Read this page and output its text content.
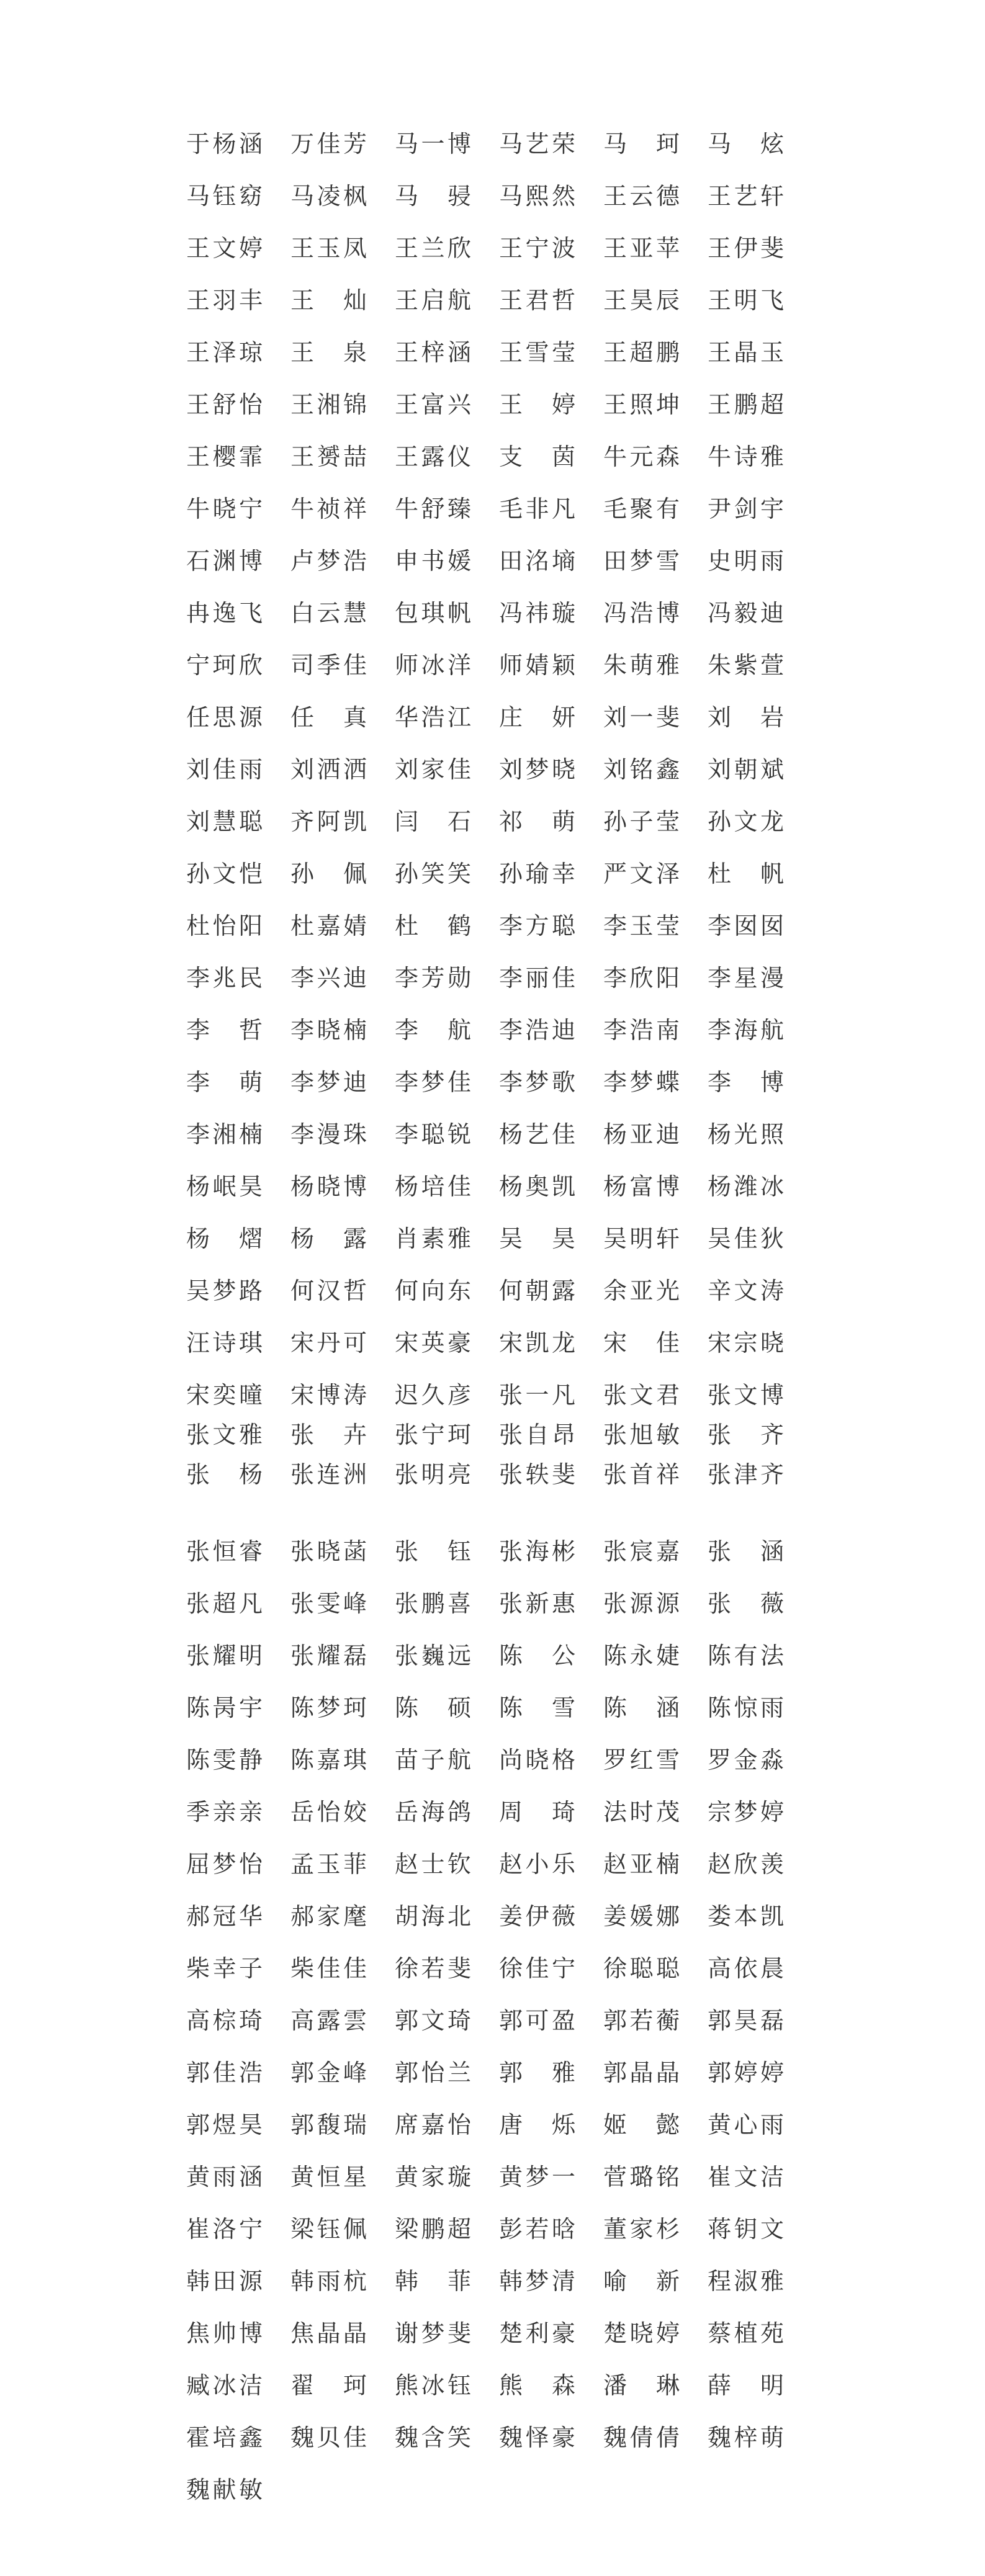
于杨涵 万佳芳 马一博 马艺荣 马　珂 马　炫
马钰窈 马凌枫 马　骎 马熙然 王云德 王艺轩
王文婷 王玉凤 王兰欣 王宁波 王亚苹 王伊斐
王羽丰 王　灿 王启航 王君哲 王昊辰 王明飞
王泽琼 王　泉 王梓涵 王雪莹 王超鹏 王晶玉
王舒怡 王湘锦 王富兴 王　婷 王照坤 王鹏超
王樱霏 王赟喆 王露仪 支　茵 牛元森 牛诗雅
牛晓宁 牛祯祥 牛舒臻 毛非凡 毛聚有 尹剑宇
石渊博 卢梦浩 申书媛 田洺墒 田梦雪 史明雨
冉逸飞 白云慧 包琪帆 冯祎璇 冯浩博 冯毅迪
宁珂欣 司季佳 师冰洋 师婧颖 朱萌雅 朱紫萱
任思源 任　真 华浩江 庄　妍 刘一斐 刘　岩
刘佳雨 刘洒洒 刘家佳 刘梦晓 刘铭鑫 刘朝斌
刘慧聪 齐阿凯 闫　石 祁　萌 孙子莹 孙文龙
孙文恺 孙　佩 孙笑笑 孙瑜幸 严文泽 杜　帆
杜怡阳 杜嘉婧 杜　鹤 李方聪 李玉莹 李囡囡
李兆民 李兴迪 李芳勋 李丽佳 李欣阳 李星漫
李　哲 李晓楠 李　航 李浩迪 李浩南 李海航
李　萌 李梦迪 李梦佳 李梦歌 李梦蝶 李　博
李湘楠 李漫珠 李聪锐 杨艺佳 杨亚迪 杨光照
杨岷昊 杨晓博 杨培佳 杨奥凯 杨富博 杨潍冰
杨　熠 杨　露 肖素雅 吴　昊 吴明轩 吴佳狄
吴梦路 何汉哲 何向东 何朝露 余亚光 辛文涛
汪诗琪 宋丹可 宋英豪 宋凯龙 宋　佳 宋宗晓
宋奕曈 宋博涛 迟久彦 张一凡 张文君 张文博
张文雅 张　卉 张宁珂 张自昂 张旭敏 张　齐
张　杨 张连洲 张明亮 张轶斐 张首祥 张津齐
张恒睿 张晓菡 张　钰 张海彬 张宸嘉 张　涵
张超凡 张雯峰 张鹏喜 张新惠 张源源 张　薇
张耀明 张耀磊 张巍远 陈　公 陈永婕 陈有法
陈昺宇 陈梦珂 陈　硕 陈　雪 陈　涵 陈惊雨
陈雯静 陈嘉琪 苗子航 尚晓格 罗红雪 罗金淼
季亲亲 岳怡姣 岳海鸽 周　琦 法时茂 宗梦婷
屈梦怡 孟玉菲 赵士钦 赵小乐 赵亚楠 赵欣羡
郝冠华 郝家麾 胡海北 姜伊薇 姜媛娜 娄本凯
柴幸子 柴佳佳 徐若斐 徐佳宁 徐聪聪 高依晨
高棕琦 高露雲 郭文琦 郭可盈 郭若蘅 郭昊磊
郭佳浩 郭金峰 郭怡兰 郭　雅 郭晶晶 郭婷婷
郭煜昊 郭馥瑞 席嘉怡 唐　烁 姬　懿 黄心雨
黄雨涵 黄恒星 黄家璇 黄梦一 菅璐铭 崔文洁
崔洛宁 梁钰佩 梁鹏超 彭若晗 董家杉 蒋钥文
韩田源 韩雨杭 韩　菲 韩梦清 喻　新 程淑雅
焦帅博 焦晶晶 谢梦斐 楚利豪 楚晓婷 蔡植苑
臧冰洁 翟　珂 熊冰钰 熊　森 潘　琳 薛　明
霍培鑫 魏贝佳 魏含笑 魏怿豪 魏倩倩 魏梓萌
魏献敏
